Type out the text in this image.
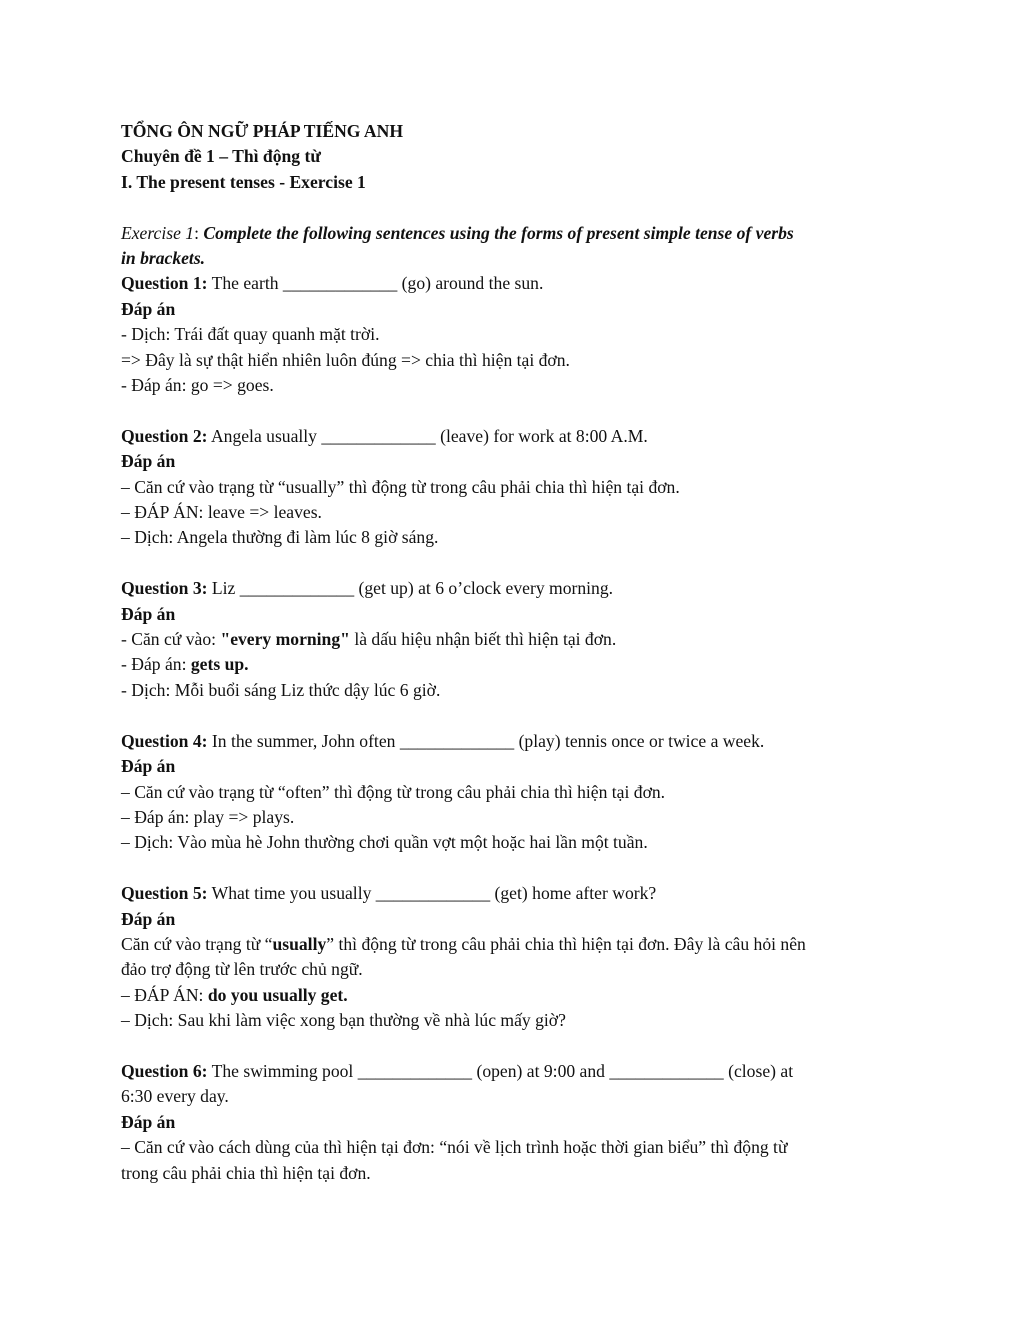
TỔNG ÔN NGỮ PHÁP TIẾNG ANH
Chuyên đề 1 – Thì động từ
I. The present tenses - Exercise 1
Exercise 1: Complete the following sentences using the forms of present simple tense of verbs
in brackets.
Question 1: The earth _____________ (go) around the sun.
Đáp án
- Dịch: Trái đất quay quanh mặt trời.
=> Đây là sự thật hiển nhiên luôn đúng => chia thì hiện tại đơn.
- Đáp án: go => goes.
Question 2: Angela usually _____________ (leave) for work at 8:00 A.M.
Đáp án
– Căn cứ vào trạng từ “usually” thì động từ trong câu phải chia thì hiện tại đơn.
– ĐÁP ÁN: leave => leaves.
– Dịch: Angela thường đi làm lúc 8 giờ sáng.
Question 3: Liz _____________ (get up) at 6 o’clock every morning.
Đáp án
- Căn cứ vào: "every morning" là dấu hiệu nhận biết thì hiện tại đơn.
- Đáp án: gets up.
- Dịch: Mỗi buổi sáng Liz thức dậy lúc 6 giờ.
Question 4: In the summer, John often _____________ (play) tennis once or twice a week.
Đáp án
– Căn cứ vào trạng từ “often” thì động từ trong câu phải chia thì hiện tại đơn.
– Đáp án: play => plays.
– Dịch: Vào mùa hè John thường chơi quần vợt một hoặc hai lần một tuần.
Question 5: What time you usually _____________ (get) home after work?
Đáp án
Căn cứ vào trạng từ “usually” thì động từ trong câu phải chia thì hiện tại đơn. Đây là câu hỏi nên
đảo trợ động từ lên trước chủ ngữ.
– ĐÁP ÁN: do you usually get.
– Dịch: Sau khi làm việc xong bạn thường về nhà lúc mấy giờ?
Question 6: The swimming pool _____________ (open) at 9:00 and _____________ (close) at
6:30 every day.
Đáp án
– Căn cứ vào cách dùng của thì hiện tại đơn: “nói về lịch trình hoặc thời gian biểu” thì động từ
trong câu phải chia thì hiện tại đơn.
